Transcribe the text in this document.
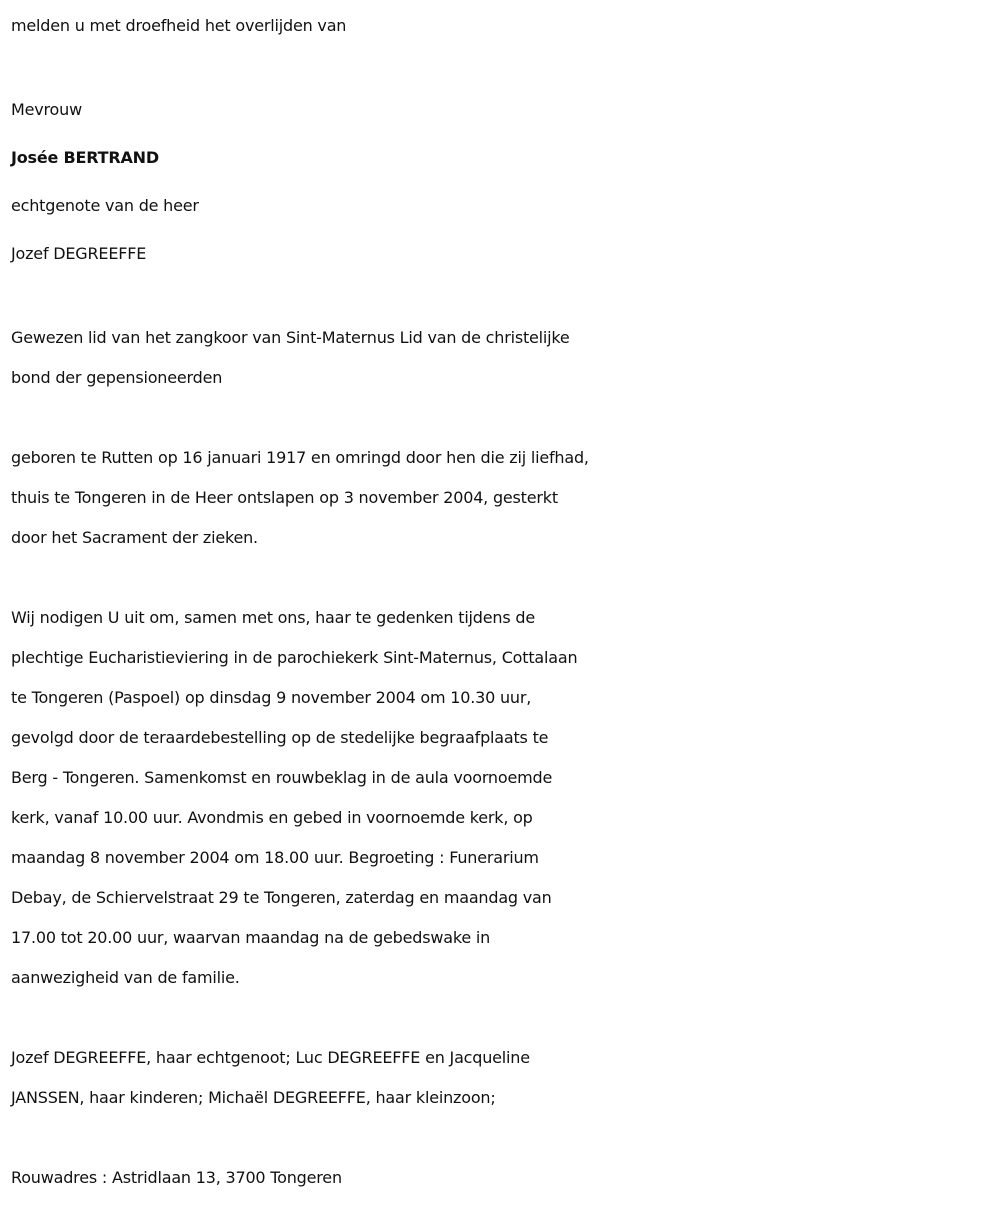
melden u met droefheid het overlijden van

Mevrouw

Josée BERTRAND

echtgenote van de heer

Jozef DEGREEFFE

Gewezen lid van het zangkoor van Sint-Maternus Lid van de christelijke

bond der gepensioneerden

geboren te Rutten op 16 januari 1917 en omringd door hen die zij liefhad,

thuis te Tongeren in de Heer ontslapen op 3 november 2004, gesterkt

door het Sacrament der zieken.

Wij nodigen U uit om, samen met ons, haar te gedenken tijdens de

plechtige Eucharistieviering in de parochiekerk Sint-Maternus, Cottalaan

te Tongeren (Paspoel) op dinsdag 9 november 2004 om 10.30 uur,

gevolgd door de teraardebestelling op de stedelijke begraafplaats te

Berg - Tongeren. Samenkomst en rouwbeklag in de aula voornoemde

kerk, vanaf 10.00 uur. Avondmis en gebed in voornoemde kerk, op

maandag 8 november 2004 om 18.00 uur. Begroeting : Funerarium

Debay, de Schiervelstraat 29 te Tongeren, zaterdag en maandag van

17.00 tot 20.00 uur, waarvan maandag na de gebedswake in

aanwezigheid van de familie.

Jozef DEGREEFFE, haar echtgenoot; Luc DEGREEFFE en Jacqueline

JANSSEN, haar kinderen; Michaël DEGREEFFE, haar kleinzoon;

Rouwadres : Astridlaan 13, 3700 Tongeren
